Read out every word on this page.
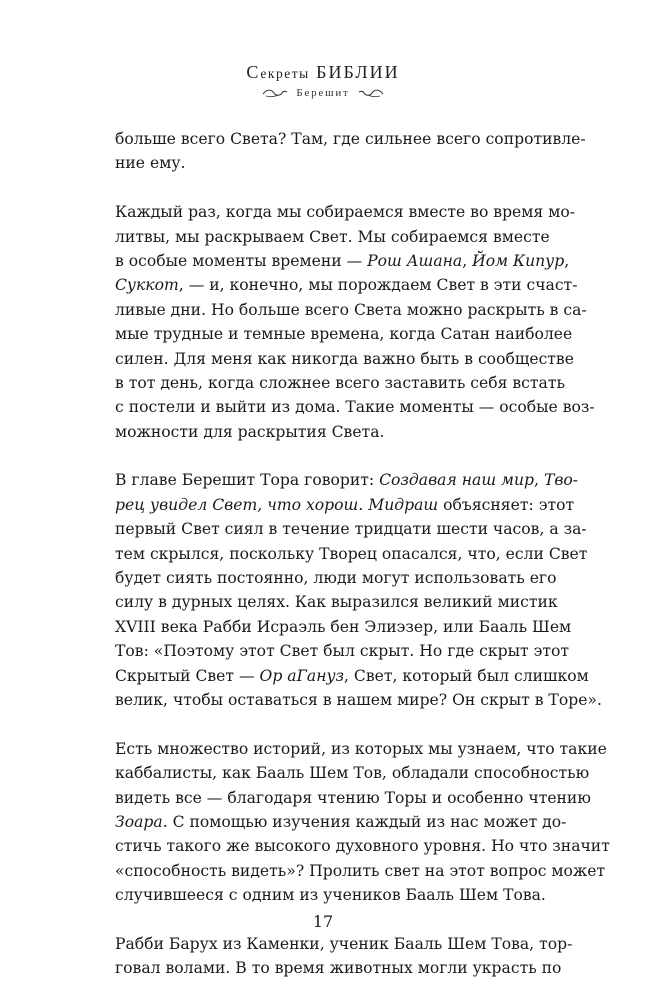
Секреты БИБЛИИ
Берешит
больше всего Света? Там, где сильнее всего сопротивле-
ние ему.
Каждый раз, когда мы собираемся вместе во время мо-
литвы, мы раскрываем Свет. Мы собираемся вместе
в особые моменты времени — Рош Ашана, Йом Кипур,
Суккот, — и, конечно, мы порождаем Свет в эти счаст-
ливые дни. Но больше всего Света можно раскрыть в са-
мые трудные и темные времена, когда Сатан наиболее
силен. Для меня как никогда важно быть в сообществе
в тот день, когда сложнее всего заставить себя встать
с постели и выйти из дома. Такие моменты — особые воз-
можности для раскрытия Света.
В главе Берешит Тора говорит: Создавая наш мир, Тво-
рец увидел Свет, что хорош. Мидраш объясняет: этот
первый Свет сиял в течение тридцати шести часов, а за-
тем скрылся, поскольку Творец опасался, что, если Свет
будет сиять постоянно, люди могут использовать его
силу в дурных целях. Как выразился великий мистик
XVIII века Рабби Исраэль бен Элиэзер, или Бааль Шем
Тов: «Поэтому этот Свет был скрыт. Но где скрыт этот
Скрытый Свет — Ор аГануз, Свет, который был слишком
велик, чтобы оставаться в нашем мире? Он скрыт в Торе».
Есть множество историй, из которых мы узнаем, что такие
каббалисты, как Бааль Шем Тов, обладали способностью
видеть все — благодаря чтению Торы и особенно чтению
Зоара. С помощью изучения каждый из нас может до-
стичь такого же высокого духовного уровня. Но что значит
«способность видеть»? Пролить свет на этот вопрос может
случившееся с одним из учеников Бааль Шем Това.
Рабби Барух из Каменки, ученик Бааль Шем Това, тор-
говал волами. В то время животных могли украсть по
17
